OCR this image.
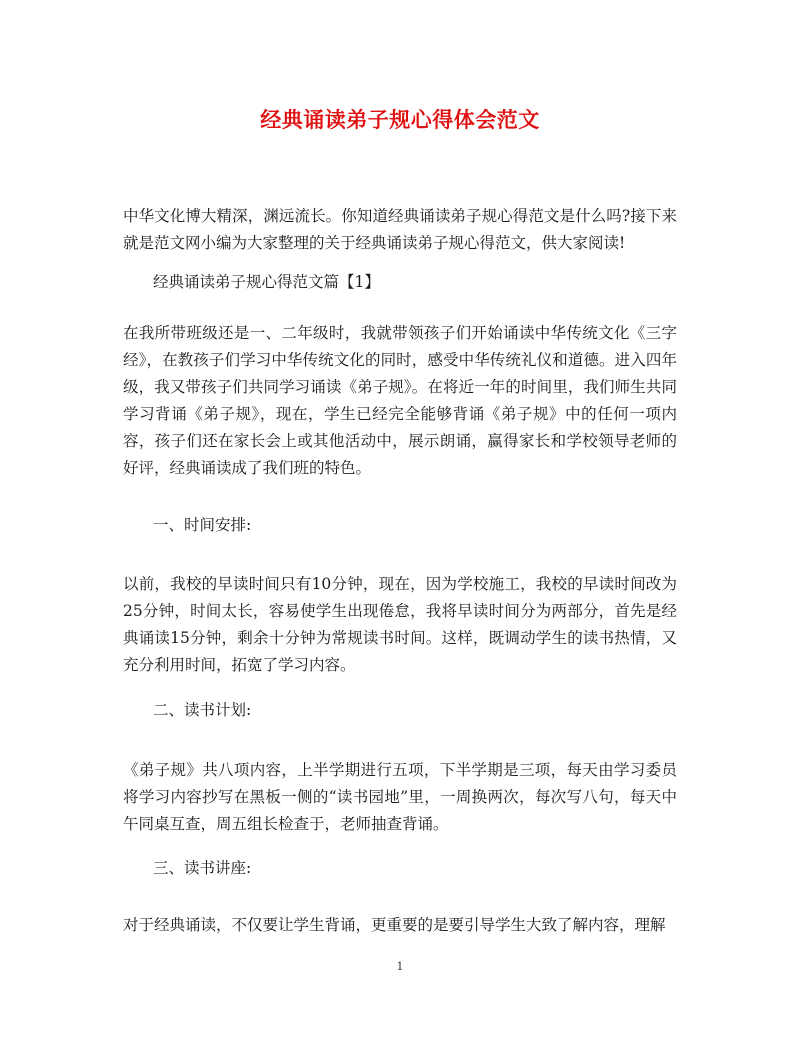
经典诵读弟子规心得体会范文
中华文化博大精深，渊远流长。你知道经典诵读弟子规心得范文是什么吗?接下来就是范文网小编为大家整理的关于经典诵读弟子规心得范文，供大家阅读!
经典诵读弟子规心得范文篇【1】
在我所带班级还是一、二年级时，我就带领孩子们开始诵读中华传统文化《三字经》，在教孩子们学习中华传统文化的同时，感受中华传统礼仪和道德。进入四年级，我又带孩子们共同学习诵读《弟子规》。在将近一年的时间里，我们师生共同学习背诵《弟子规》，现在，学生已经完全能够背诵《弟子规》中的任何一项内容，孩子们还在家长会上或其他活动中，展示朗诵，赢得家长和学校领导老师的好评，经典诵读成了我们班的特色。
一、时间安排:
以前，我校的早读时间只有10分钟，现在，因为学校施工，我校的早读时间改为25分钟，时间太长，容易使学生出现倦怠，我将早读时间分为两部分，首先是经典诵读15分钟，剩余十分钟为常规读书时间。这样，既调动学生的读书热情，又充分利用时间，拓宽了学习内容。
二、读书计划:
《弟子规》共八项内容，上半学期进行五项，下半学期是三项，每天由学习委员将学习内容抄写在黑板一侧的“读书园地”里，一周换两次，每次写八句，每天中午同桌互查，周五组长检查于，老师抽查背诵。
三、读书讲座:
对于经典诵读，不仅要让学生背诵，更重要的是要引导学生大致了解内容，理解
1
